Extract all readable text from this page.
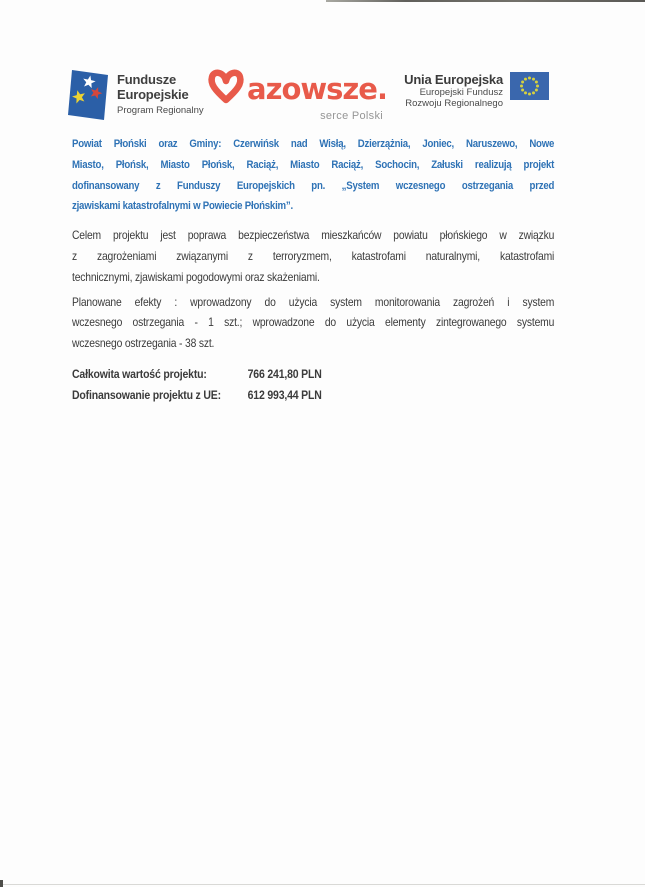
Fundusze
Europejskie
Program Regionalny
azowsze.
serce Polski
Unia Europejska
Europejski Fundusz
Rozwoju Regionalnego
Powiat Płoński oraz Gminy: Czerwińsk nad Wisłą, Dzierzążnia, Joniec, Naruszewo, Nowe
Miasto, Płońsk, Miasto Płońsk, Raciąż, Miasto Raciąż, Sochocin, Załuski realizują projekt
dofinansowany z Funduszy Europejskich pn. „System wczesnego ostrzegania przed
zjawiskami katastrofalnymi w Powiecie Płońskim”.
Celem projektu jest poprawa bezpieczeństwa mieszkańców powiatu płońskiego w związku
z zagrożeniami związanymi z terroryzmem, katastrofami naturalnymi, katastrofami
technicznymi, zjawiskami pogodowymi oraz skażeniami.
Planowane efekty : wprowadzony do użycia system monitorowania zagrożeń i system
wczesnego ostrzegania - 1 szt.; wprowadzone do użycia elementy zintegrowanego systemu
wczesnego ostrzegania - 38 szt.
Całkowita wartość projektu:	766 241,80 PLN
Dofinansowanie projektu z UE:	612 993,44 PLN
